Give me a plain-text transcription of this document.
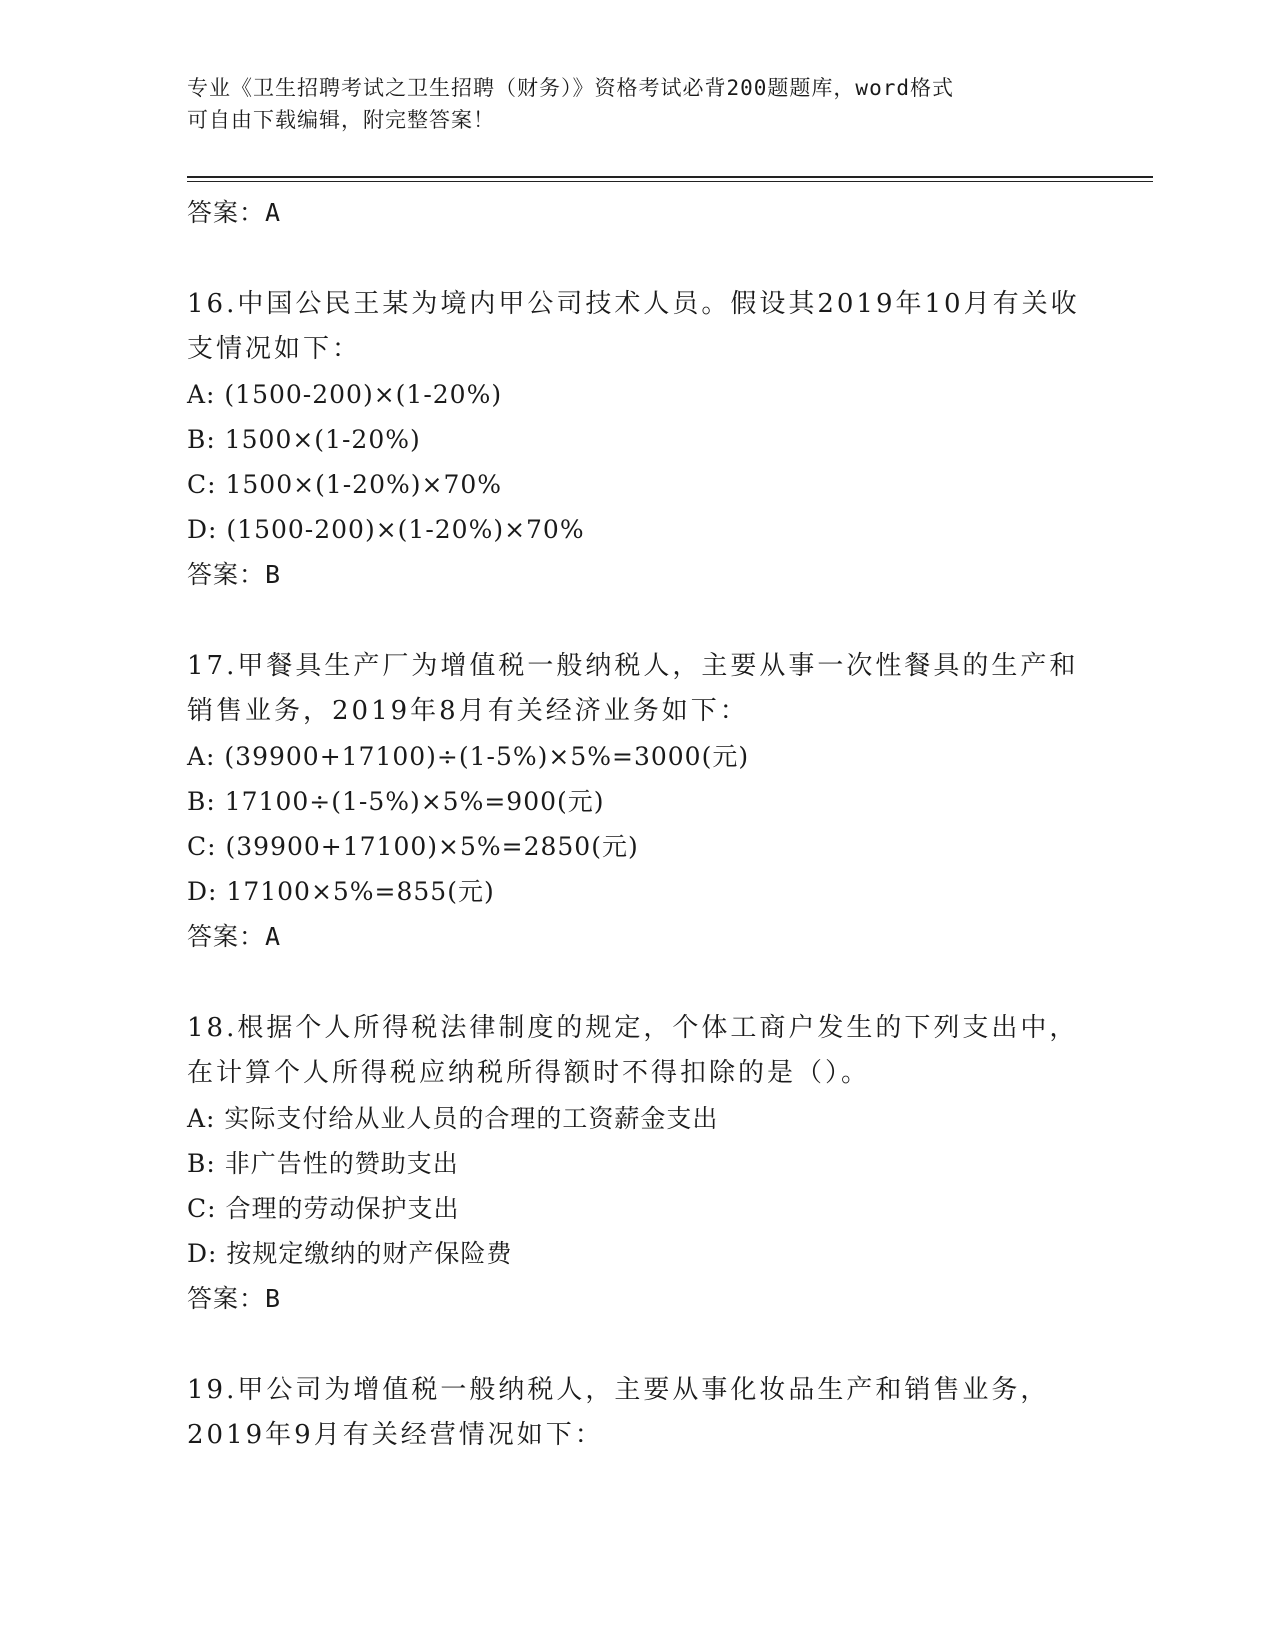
专业《卫生招聘考试之卫生招聘（财务）》资格考试必背200题题库，word格式
可自由下载编辑，附完整答案！
答案：A
16.中国公民王某为境内甲公司技术人员。假设其2019年10月有关收
支情况如下：
A: (1500-200)×(1-20%)
B: 1500×(1-20%)
C: 1500×(1-20%)×70%
D: (1500-200)×(1-20%)×70%
答案：B
17.甲餐具生产厂为增值税一般纳税人，主要从事一次性餐具的生产和
销售业务，2019年8月有关经济业务如下：
A: (39900+17100)÷(1-5%)×5%=3000(元)
B: 17100÷(1-5%)×5%=900(元)
C: (39900+17100)×5%=2850(元)
D: 17100×5%=855(元)
答案：A
18.根据个人所得税法律制度的规定，个体工商户发生的下列支出中，
在计算个人所得税应纳税所得额时不得扣除的是（）。
A: 实际支付给从业人员的合理的工资薪金支出
B: 非广告性的赞助支出
C: 合理的劳动保护支出
D: 按规定缴纳的财产保险费
答案：B
19.甲公司为增值税一般纳税人，主要从事化妆品生产和销售业务，
2019年9月有关经营情况如下：
